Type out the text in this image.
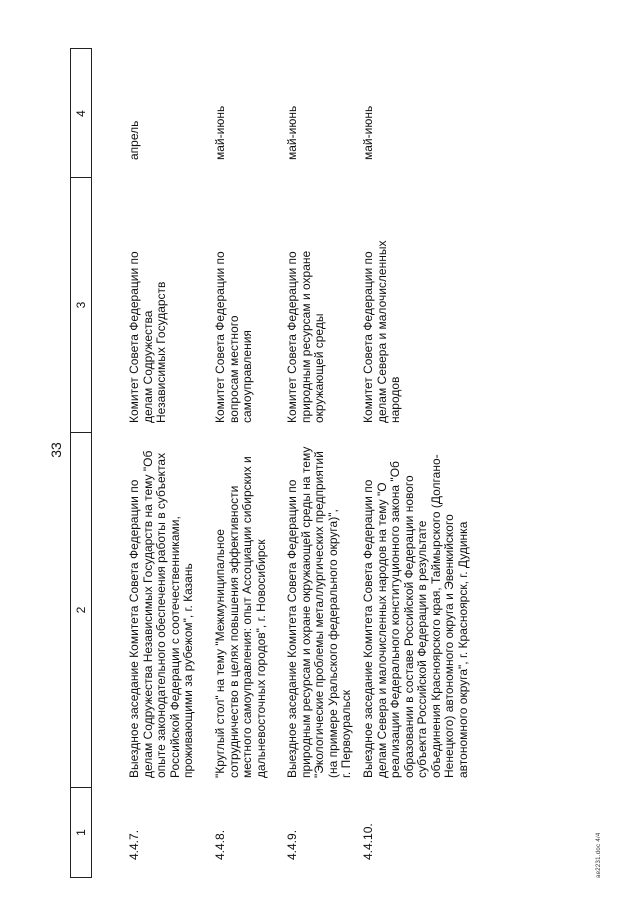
33
1
2
3
4
4.4.7.
Выездное заседание Комитета Совета Федерации по
делам Содружества Независимых Государств на тему "Об
опыте законодательного обеспечения работы в субъектах
Российской Федерации с соотечественниками,
проживающими за рубежом", г. Казань
Комитет Совета Федерации по
делам Содружества
Независимых Государств
апрель
4.4.8.
"Круглый стол" на тему "Межмуниципальное
сотрудничество в целях повышения эффективности
местного самоуправления: опыт Ассоциации сибирских и
дальневосточных городов", г. Новосибирск
Комитет Совета Федерации по
вопросам местного
самоуправления
май-июнь
4.4.9.
Выездное заседание Комитета Совета Федерации по
природным ресурсам и охране окружающей среды на тему
"Экологические проблемы металлургических предприятий
(на примере Уральского федерального округа)",
г. Первоуральск
Комитет Совета Федерации по
природным ресурсам и охране
окружающей среды
май-июнь
4.4.10.
Выездное заседание Комитета Совета Федерации по
делам Севера и малочисленных народов на тему "О
реализации Федерального конституционного закона "Об
образовании в составе Российской Федерации нового
субъекта Российской Федерации в результате
объединения Красноярского края, Таймырского (Долгано-
Ненецкого) автономного округа и Эвенкийского
автономного округа", г. Красноярск, г. Дудинка
Комитет Совета Федерации по
делам Севера и малочисленных
народов
май-июнь
ae2231.doc 4/4
